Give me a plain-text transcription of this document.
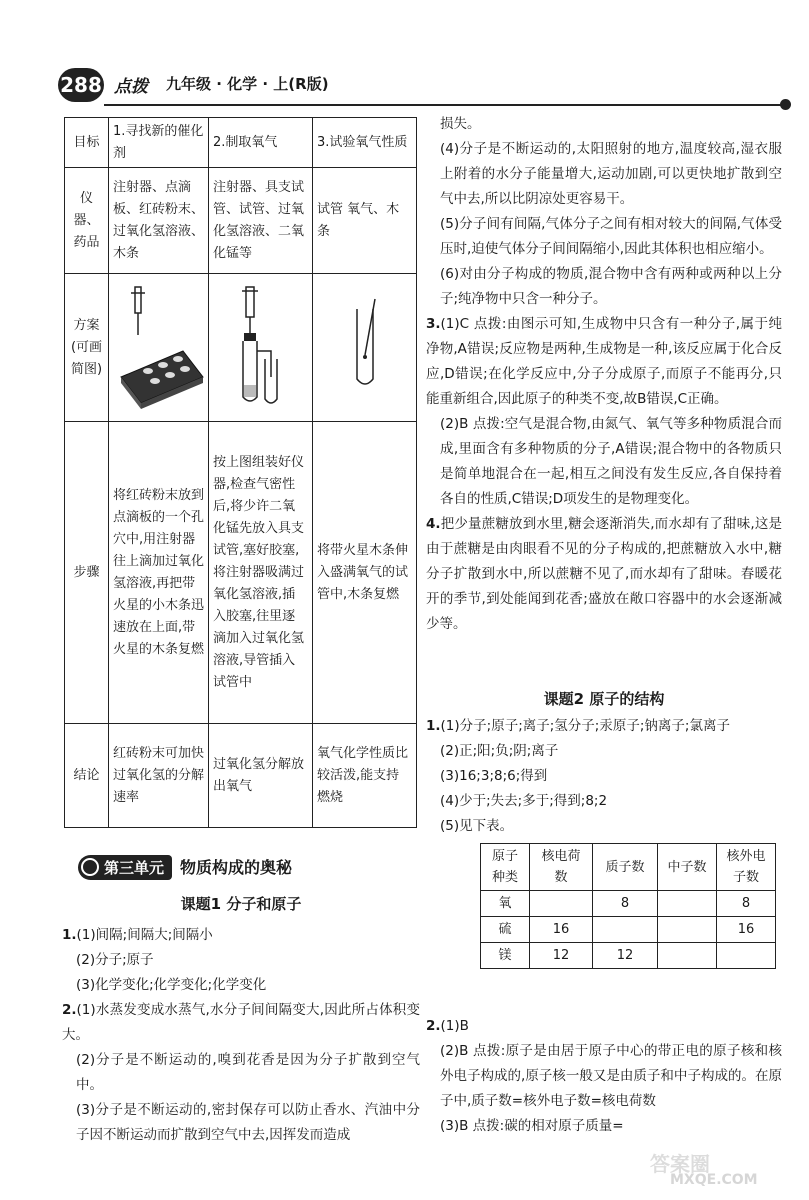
288 点拨 九年级 · 化学 · 上(R版)
目标	1.寻找新的催化剂	2.制取氧气	3.试验氧气性质
仪器、药品	注射器、点滴板、红砖粉末、过氧化氢溶液、木条	注射器、具支试管、试管、过氧化氢溶液、二氧化锰等	试管 氧气、木条
方案(可画简图)	

步骤	将红砖粉末放到点滴板的一个孔穴中,用注射器往上滴加过氧化氢溶液,再把带火星的小木条迅速放在上面,带火星的木条复燃	按上图组装好仪器,检查气密性后,将少许二氧化锰先放入具支试管,塞好胶塞,将注射器吸满过氧化氢溶液,插入胶塞,往里逐滴加入过氧化氢溶液,导管插入试管中	将带火星木条伸入盛满氧气的试管中,木条复燃
结论	红砖粉末可加快过氧化氢的分解速率	过氧化氢分解放出氧气	氧气化学性质比较活泼,能支持燃烧
第三单元 物质构成的奥秘
课题1 分子和原子

1.(1)间隔;间隔大;间隔小

(2)分子;原子

(3)化学变化;化学变化;化学变化

2.(1)水蒸发变成水蒸气,水分子间间隔变大,因此所占体积变大。

(2)分子是不断运动的,嗅到花香是因为分子扩散到空气中。

(3)分子是不断运动的,密封保存可以防止香水、汽油中分子因不断运动而扩散到空气中去,因挥发而造成

损失。

(4)分子是不断运动的,太阳照射的地方,温度较高,湿衣服上附着的水分子能量增大,运动加剧,可以更快地扩散到空气中去,所以比阴凉处更容易干。

(5)分子间有间隔,气体分子之间有相对较大的间隔,气体受压时,迫使气体分子间间隔缩小,因此其体积也相应缩小。

(6)对由分子构成的物质,混合物中含有两种或两种以上分子;纯净物中只含一种分子。

3.(1)C 点拨:由图示可知,生成物中只含有一种分子,属于纯净物,A错误;反应物是两种,生成物是一种,该反应属于化合反应,D错误;在化学反应中,分子分成原子,而原子不能再分,只能重新组合,因此原子的种类不变,故B错误,C正确。

(2)B 点拨:空气是混合物,由氮气、氧气等多种物质混合而成,里面含有多种物质的分子,A错误;混合物中的各物质只是简单地混合在一起,相互之间没有发生反应,各自保持着各自的性质,C错误;D项发生的是物理变化。

4.把少量蔗糖放到水里,糖会逐渐消失,而水却有了甜味,这是由于蔗糖是由肉眼看不见的分子构成的,把蔗糖放入水中,糖分子扩散到水中,所以蔗糖不见了,而水却有了甜味。春暖花开的季节,到处能闻到花香;盛放在敞口容器中的水会逐渐减少等。

课题2 原子的结构

1.(1)分子;原子;离子;氢分子;汞原子;钠离子;氯离子

(2)正;阳;负;阴;离子

(3)16;3;8;6;得到

(4)少于;失去;多于;得到;8;2

(5)见下表。

原子种类	核电荷数	质子数	中子数	核外电子数
氧		8		8
硫	16			16
镁	12	12		

2.(1)B

(2)B 点拨:原子是由居于原子中心的带正电的原子核和核外电子构成的,原子核一般又是由质子和中子构成的。在原子中,质子数=核外电子数=核电荷数

(3)B 点拨:碳的相对原子质量=

答案圈
MXQE.COM
